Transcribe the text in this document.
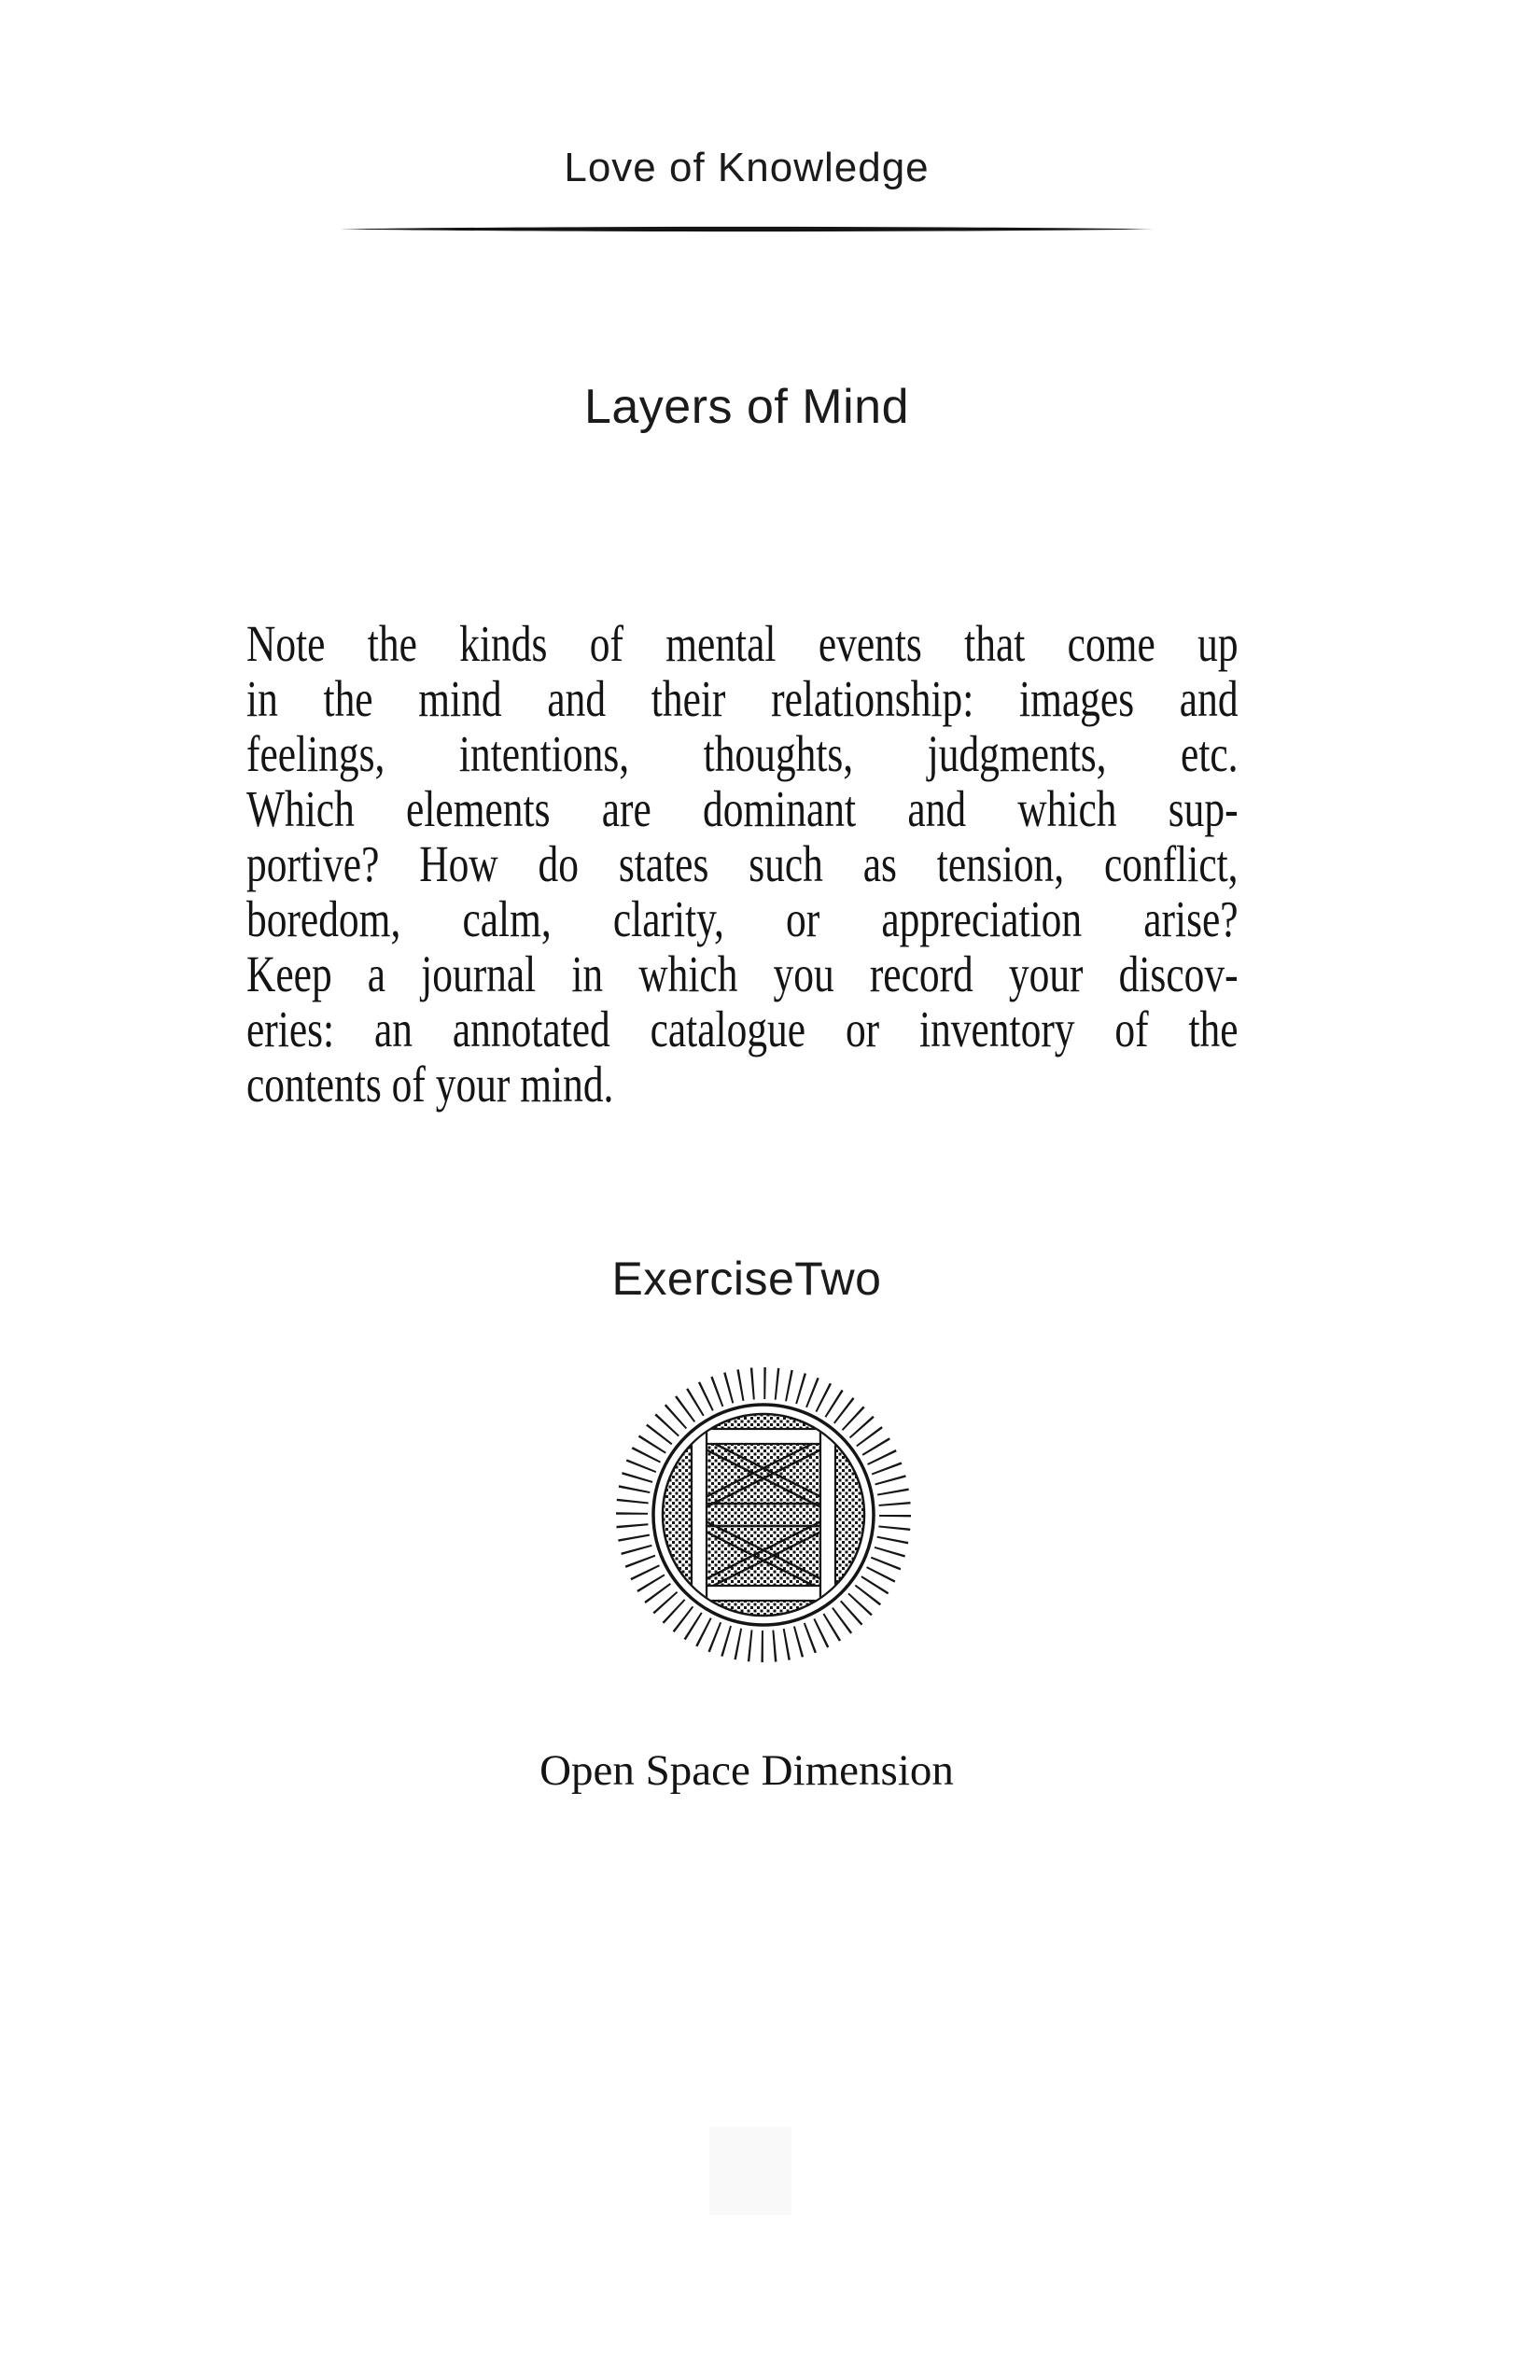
Love of Knowledge
Layers of Mind
Note the kinds of mental events that come up
in the mind and their relationship: images and
feelings, intentions, thoughts, judgments, etc.
Which elements are dominant and which sup-
portive? How do states such as tension, conflict,
boredom, calm, clarity, or appreciation arise?
Keep a journal in which you record your discov-
eries: an annotated catalogue or inventory of the
contents of your mind.
ExerciseTwo
Open Space Dimension
